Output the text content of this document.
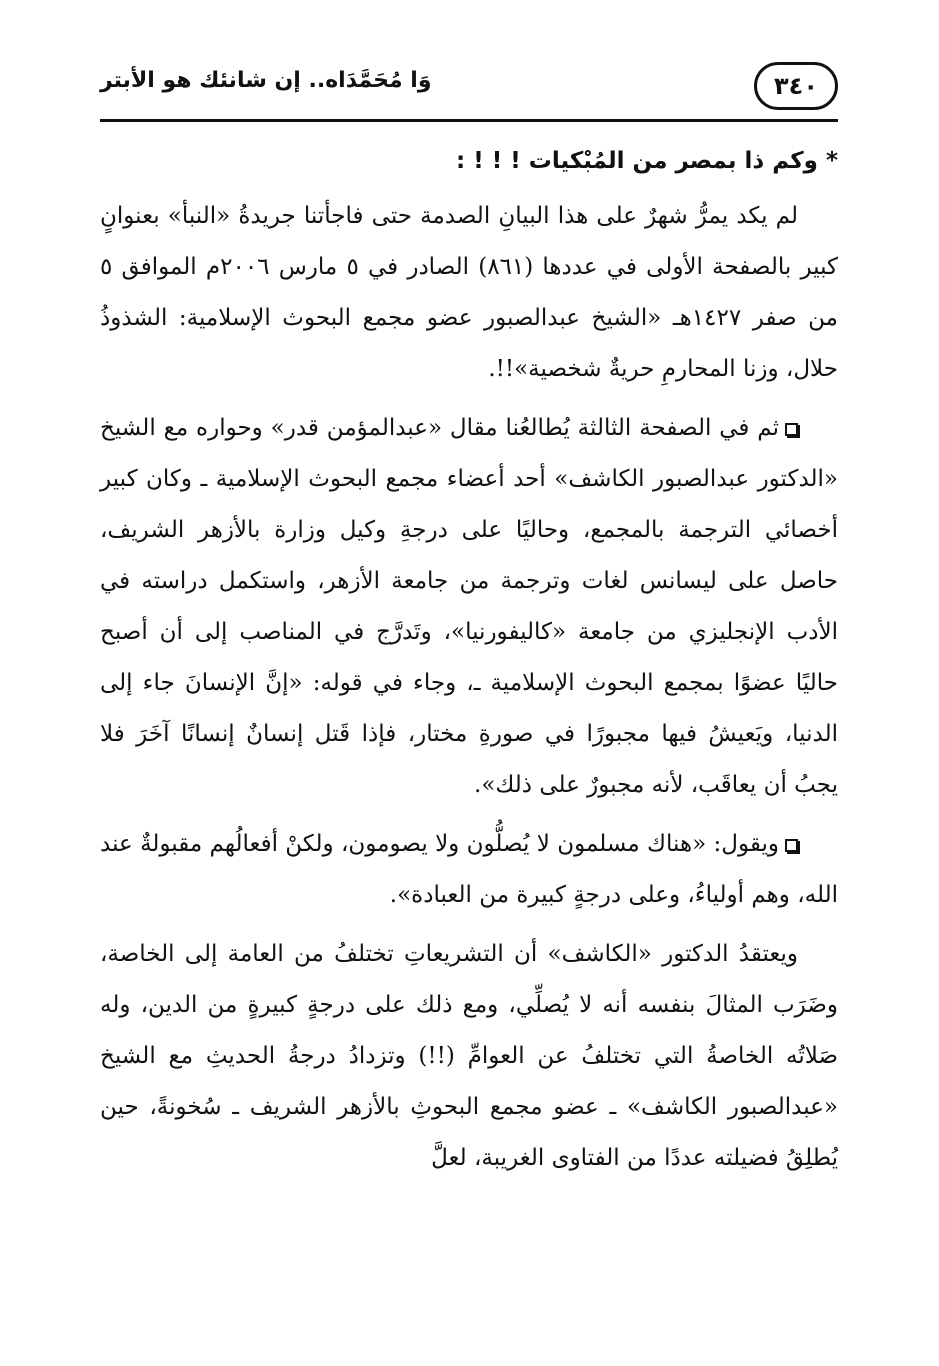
وَا مُحَمَّدَاه.. إن شانئك هو الأبتر	٣٤٠

* وكم ذا بمصر من المُبْكيات ! ! ! :

لم يكد يمرُّ شهرٌ على هذا البيانِ الصدمة حتى فاجأتنا جريدةُ «النبأ» بعنوانٍ كبير بالصفحة الأولى في عددها (٨٦١) الصادر في ٥ مارس ٢٠٠٦م الموافق ٥ من صفر ١٤٢٧هـ «الشيخ عبدالصبور عضو مجمع البحوث الإسلامية: الشذوذُ حلال، وزنا المحارمِ حريةٌ شخصية»!!.

ثم في الصفحة الثالثة يُطالعُنا مقال «عبدالمؤمن قدر» وحواره مع الشيخ «الدكتور عبدالصبور الكاشف» أحد أعضاء مجمع البحوث الإسلامية ـ وكان كبير أخصائي الترجمة بالمجمع، وحاليًا على درجةِ وكيل وزارة بالأزهر الشريف، حاصل على ليسانس لغات وترجمة من جامعة الأزهر، واستكمل دراسته في الأدب الإنجليزي من جامعة «كاليفورنيا»، وتَدرَّج في المناصب إلى أن أصبح حاليًا عضوًا بمجمع البحوث الإسلامية ـ، وجاء في قوله: «إنَّ الإنسانَ جاء إلى الدنيا، ويَعيشُ فيها مجبورًا في صورةِ مختار، فإذا قَتل إنسانٌ إنسانًا آخَرَ فلا يجبُ أن يعاقَب، لأنه مجبورٌ على ذلك».

ويقول: «هناك مسلمون لا يُصلُّون ولا يصومون، ولكنْ أفعالُهم مقبولةٌ عند الله، وهم أولياءُ، وعلى درجةٍ كبيرة من العبادة».

ويعتقدُ الدكتور «الكاشف» أن التشريعاتِ تختلفُ من العامة إلى الخاصة، وضَرَب المثالَ بنفسه أنه لا يُصلِّي، ومع ذلك على درجةٍ كبيرةٍ من الدين، وله صَلاتُه الخاصةُ التي تختلفُ عن العوامِّ (!!) وتزدادُ درجةُ الحديثِ مع الشيخ «عبدالصبور الكاشف» ـ عضو مجمع البحوثِ بالأزهر الشريف ـ سُخونةً، حين يُطلِقُ فضيلته عددًا من الفتاوى الغريبة، لعلَّ
